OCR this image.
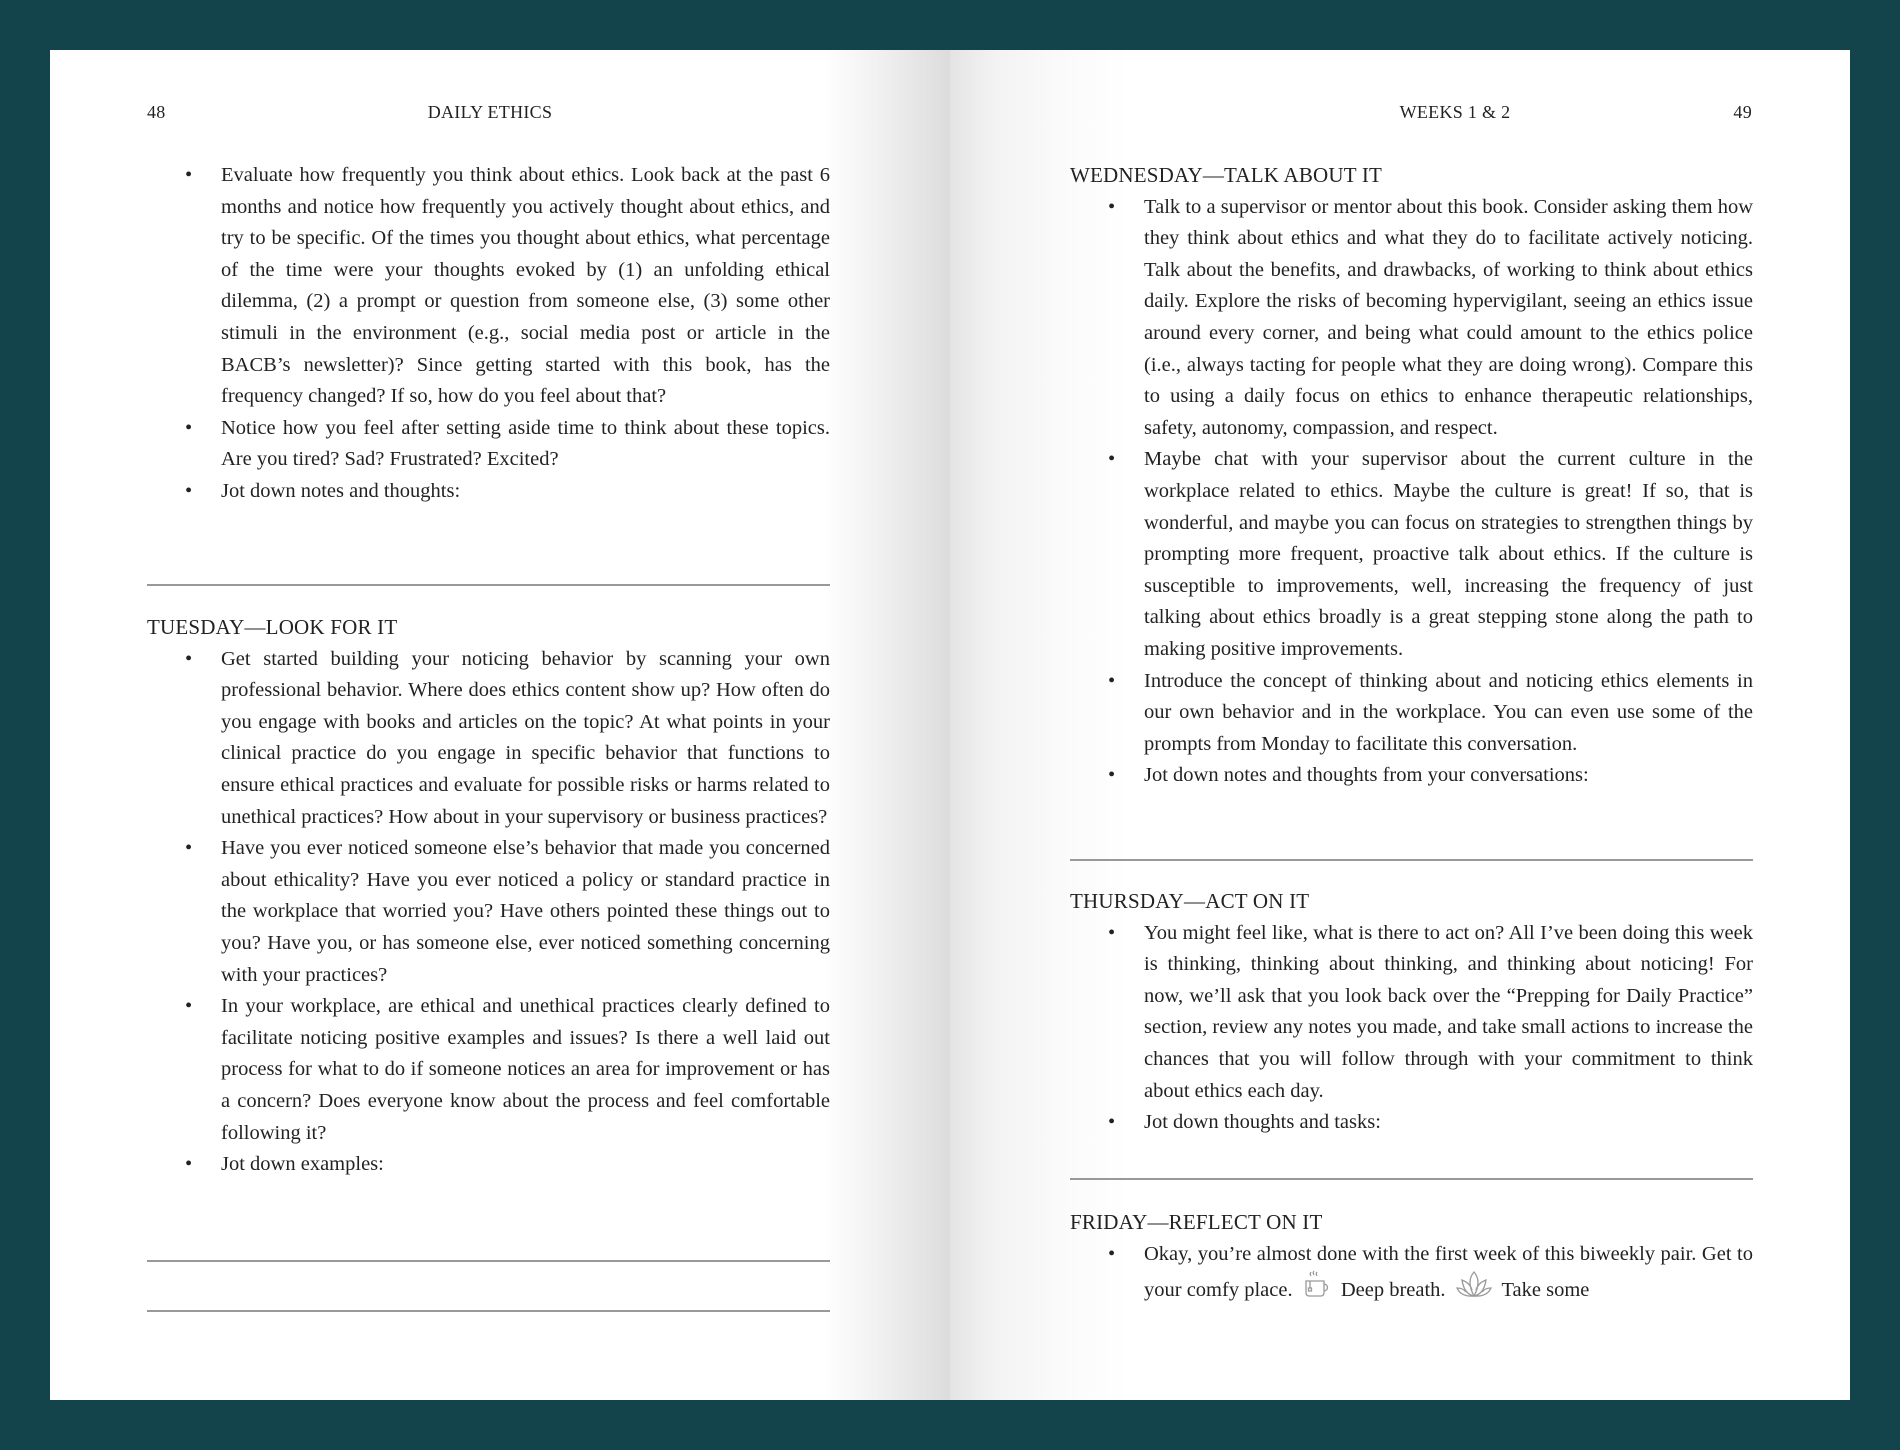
48	DAILY ETHICS
• Evaluate how frequently you think about ethics. Look back at the past 6 months and notice how frequently you actively thought about ethics, and try to be specific. Of the times you thought about ethics, what percentage of the time were your thoughts evoked by (1) an unfolding ethical dilemma, (2) a prompt or question from someone else, (3) some other stimuli in the environment (e.g., social media post or article in the BACB’s newsletter)? Since getting started with this book, has the frequency changed? If so, how do you feel about that?
• Notice how you feel after setting aside time to think about these topics. Are you tired? Sad? Frustrated? Excited?
• Jot down notes and thoughts:
TUESDAY—LOOK FOR IT
• Get started building your noticing behavior by scanning your own professional behavior. Where does ethics content show up? How often do you engage with books and articles on the topic? At what points in your clinical practice do you engage in specific behavior that functions to ensure ethical practices and evaluate for possible risks or harms related to unethical practices? How about in your supervisory or business practices?
• Have you ever noticed someone else’s behavior that made you concerned about ethicality? Have you ever noticed a policy or standard practice in the workplace that worried you? Have others pointed these things out to you? Have you, or has someone else, ever noticed something concerning with your practices?
• In your workplace, are ethical and unethical practices clearly defined to facilitate noticing positive examples and issues? Is there a well laid out process for what to do if someone notices an area for improvement or has a concern? Does everyone know about the process and feel comfortable following it?
• Jot down examples:
WEEKS 1 & 2	49
WEDNESDAY—TALK ABOUT IT
• Talk to a supervisor or mentor about this book. Consider asking them how they think about ethics and what they do to facilitate actively noticing. Talk about the benefits, and drawbacks, of working to think about ethics daily. Explore the risks of becoming hypervigilant, seeing an ethics issue around every corner, and being what could amount to the ethics police (i.e., always tacting for people what they are doing wrong). Compare this to using a daily focus on ethics to enhance therapeutic relationships, safety, autonomy, compassion, and respect.
• Maybe chat with your supervisor about the current culture in the workplace related to ethics. Maybe the culture is great! If so, that is wonderful, and maybe you can focus on strategies to strengthen things by prompting more frequent, proactive talk about ethics. If the culture is susceptible to improvements, well, increasing the frequency of just talking about ethics broadly is a great stepping stone along the path to making positive improvements.
• Introduce the concept of thinking about and noticing ethics elements in our own behavior and in the workplace. You can even use some of the prompts from Monday to facilitate this conversation.
• Jot down notes and thoughts from your conversations:
THURSDAY—ACT ON IT
• You might feel like, what is there to act on? All I’ve been doing this week is thinking, thinking about thinking, and thinking about noticing! For now, we’ll ask that you look back over the “Prepping for Daily Practice” section, review any notes you made, and take small actions to increase the chances that you will follow through with your commitment to think about ethics each day.
• Jot down thoughts and tasks:
FRIDAY—REFLECT ON IT
• Okay, you’re almost done with the first week of this biweekly pair. Get to your comfy place. Deep breath.	Take some
